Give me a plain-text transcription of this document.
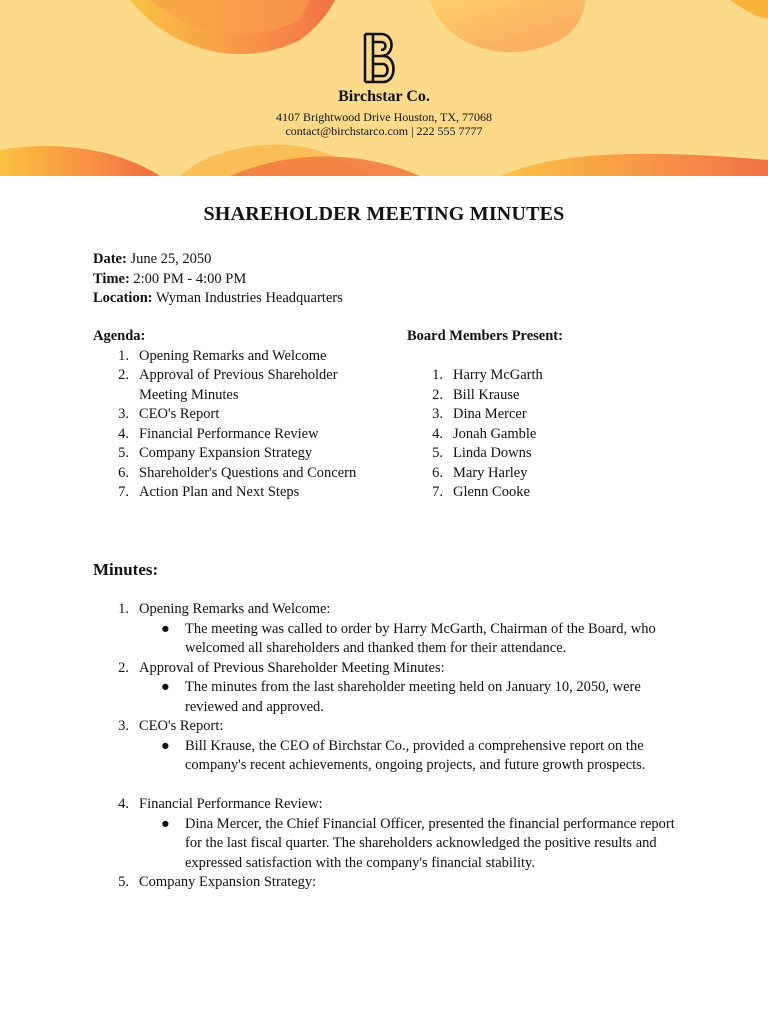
Birchstar Co.
4107 Brightwood Drive Houston, TX, 77068
contact@birchstarco.com | 222 555 7777
SHAREHOLDER MEETING MINUTES
Date: June 25, 2050
Time: 2:00 PM - 4:00 PM
Location: Wyman Industries Headquarters
Agenda:
1. Opening Remarks and Welcome
2. Approval of Previous Shareholder Meeting Minutes
3. CEO's Report
4. Financial Performance Review
5. Company Expansion Strategy
6. Shareholder's Questions and Concern
7. Action Plan and Next Steps
Board Members Present:
1. Harry McGarth
2. Bill Krause
3. Dina Mercer
4. Jonah Gamble
5. Linda Downs
6. Mary Harley
7. Glenn Cooke
Minutes:
1. Opening Remarks and Welcome:
● The meeting was called to order by Harry McGarth, Chairman of the Board, who welcomed all shareholders and thanked them for their attendance.
2. Approval of Previous Shareholder Meeting Minutes:
● The minutes from the last shareholder meeting held on January 10, 2050, were reviewed and approved.
3. CEO's Report:
● Bill Krause, the CEO of Birchstar Co., provided a comprehensive report on the company's recent achievements, ongoing projects, and future growth prospects.
4. Financial Performance Review:
● Dina Mercer, the Chief Financial Officer, presented the financial performance report for the last fiscal quarter. The shareholders acknowledged the positive results and expressed satisfaction with the company's financial stability.
5. Company Expansion Strategy:
